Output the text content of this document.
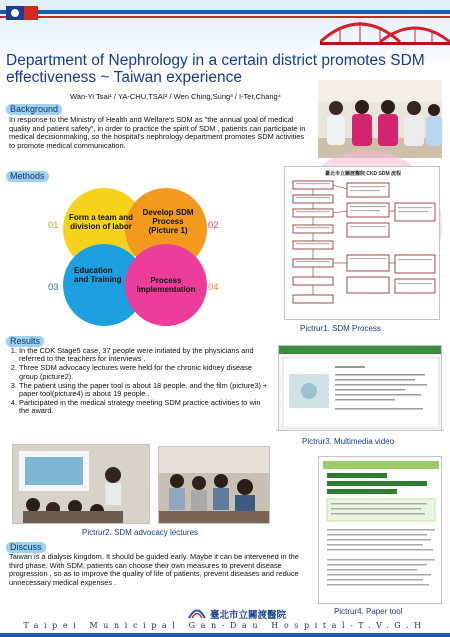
Department of Nephrology in a certain district promotes SDM effectiveness ~ Taiwan experience
Wan-Yi Tsai¹ / YA-CHU,TSAI² / Wen Ching,Sung³ / I-Ter,Chang⁴
Background
In response to the Ministry of Health and Welfare's SDM as "the annual goal of medical quality and patient safety", in order to practice the spirit of SDM , patients can participate in medical decisionmaking, so the hospital's nephrology department promotes SDM activities to promote medical communication.
Methods
Form a team and division of labor
Develop SDM Process (Picture 1)
Education and Training	Process implementation
01	02
03	04
臺北市立關渡醫院 CKD SDM 流程
Pictrur1. SDM Process
Results
1. In the CDK Stage5 case, 37 people were initiated by the physicians and referred to the teachers for interviews .
2. Three SDM advocacy lectures were held for the chronic kidney disease group (picture2).
3. The patient using the paper tool is about 18 people, and the film (picture3) + paper tool(picture4) is about 19 people .
4. Participated in the medical strategy meeting SDM practice activities to win the award.
Pictrur3. Multimedia video
Pictrur2. SDM advocacy lectures
Pictrur4. Paper tool
Discuss
Taiwan is a dialysis kingdom. It should be guided early. Maybe it can be intervened in the third phase. With SDM, patients can choose their own measures to prevent disease progression , so as to improve the quality of life of patients, prevent diseases and reduce unnecessary medical expenses .
臺北市立關渡醫院
Taipei Municipal Gan-Dau Hospital-T.V.G.H
